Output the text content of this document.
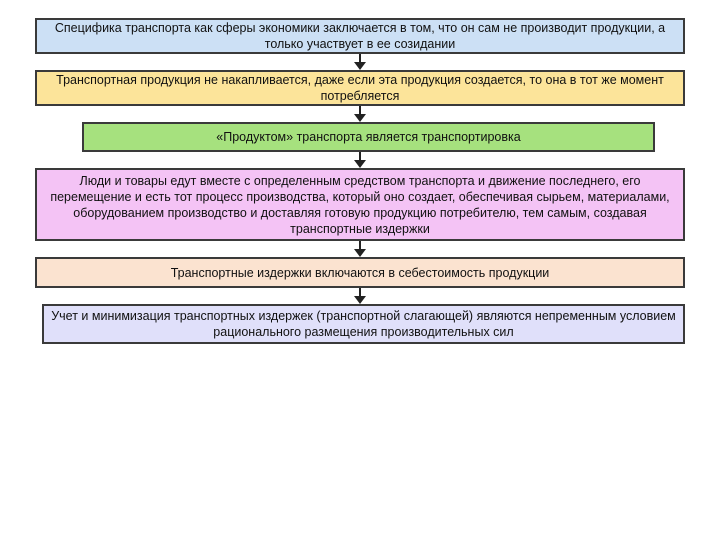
Специфика транспорта как сферы экономики заключается в том, что он сам не производит продукции, а только участвует в ее созидании
Транспортная продукция не накапливается, даже если эта продукция создается, то она в тот же момент потребляется
«Продуктом» транспорта является транспортировка
Люди и товары едут вместе с определенным средством транспорта и движение последнего, его перемещение и есть тот процесс производства, который оно создает, обеспечивая сырьем, материалами, оборудованием производство и доставляя готовую продукцию потребителю, тем самым, создавая транспортные издержки
Транспортные издержки включаются в себестоимость продукции
Учет и минимизация транспортных издержек (транспортной слагающей) являются непременным условием рационального размещения производительных сил
